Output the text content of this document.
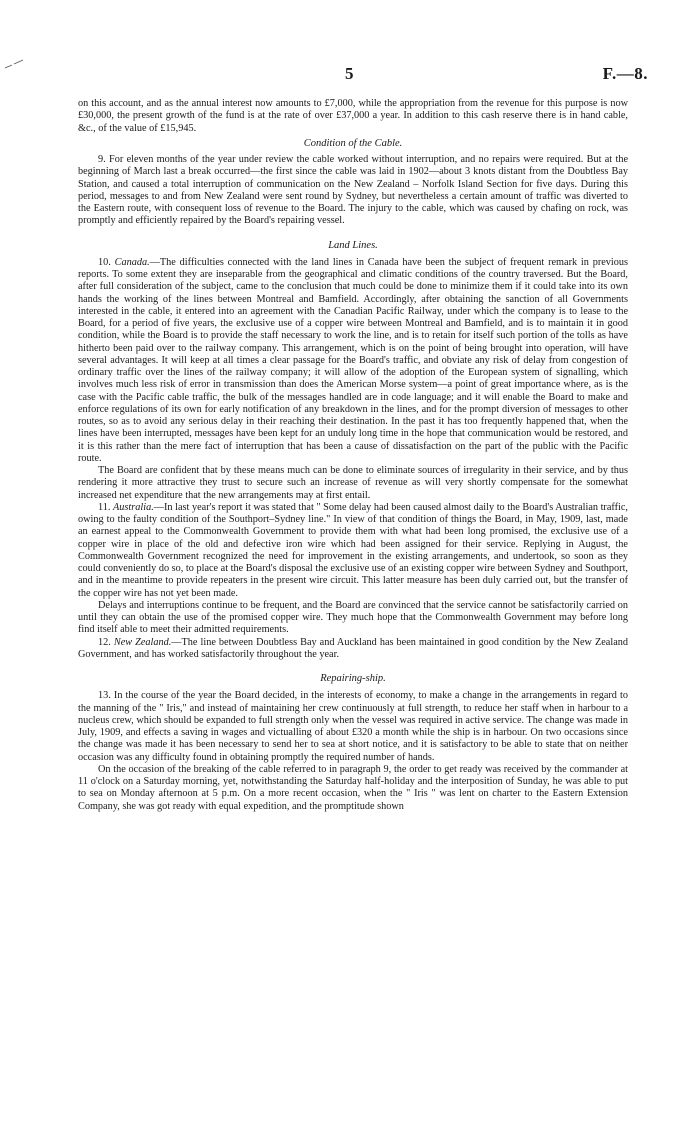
5	F.—8.

on this account, and as the annual interest now amounts to £7,000, while the appropriation from the revenue for this purpose is now £30,000, the present growth of the fund is at the rate of over £37,000 a year. In addition to this cash reserve there is in hand cable, &c., of the value of £15,945.

Condition of the Cable.

9. For eleven months of the year under review the cable worked without interruption, and no repairs were required. But at the beginning of March last a break occurred—the first since the cable was laid in 1902—about 3 knots distant from the Doubtless Bay Station, and caused a total interruption of communication on the New Zealand – Norfolk Island Section for five days. During this period, messages to and from New Zealand were sent round by Sydney, but nevertheless a certain amount of traffic was diverted to the Eastern route, with consequent loss of revenue to the Board. The injury to the cable, which was caused by chafing on rock, was promptly and efficiently repaired by the Board's repairing vessel.

Land Lines.

10. Canada.—The difficulties connected with the land lines in Canada have been the subject of frequent remark in previous reports. To some extent they are inseparable from the geographical and climatic conditions of the country traversed. But the Board, after full consideration of the subject, came to the conclusion that much could be done to minimize them if it could take into its own hands the working of the lines between Montreal and Bamfield. Accordingly, after obtaining the sanction of all Governments interested in the cable, it entered into an agreement with the Canadian Pacific Railway, under which the company is to lease to the Board, for a period of five years, the exclusive use of a copper wire between Montreal and Bamfield, and is to maintain it in good condition, while the Board is to provide the staff necessary to work the line, and is to retain for itself such portion of the tolls as have hitherto been paid over to the railway company. This arrangement, which is on the point of being brought into operation, will have several advantages. It will keep at all times a clear passage for the Board's traffic, and obviate any risk of delay from congestion of ordinary traffic over the lines of the railway company; it will allow of the adoption of the European system of signalling, which involves much less risk of error in transmission than does the American Morse system—a point of great importance where, as is the case with the Pacific cable traffic, the bulk of the messages handled are in code language; and it will enable the Board to make and enforce regulations of its own for early notification of any breakdown in the lines, and for the prompt diversion of messages to other routes, so as to avoid any serious delay in their reaching their destination. In the past it has too frequently happened that, when the lines have been interrupted, messages have been kept for an unduly long time in the hope that communication would be restored, and it is this rather than the mere fact of interruption that has been a cause of dissatisfaction on the part of the public with the Pacific route.

The Board are confident that by these means much can be done to eliminate sources of irregularity in their service, and by thus rendering it more attractive they trust to secure such an increase of revenue as will very shortly compensate for the somewhat increased net expenditure that the new arrangements may at first entail.

11. Australia.—In last year's report it was stated that " Some delay had been caused almost daily to the Board's Australian traffic, owing to the faulty condition of the Southport–Sydney line." In view of that condition of things the Board, in May, 1909, last, made an earnest appeal to the Commonwealth Government to provide them with what had been long promised, the exclusive use of a copper wire in place of the old and defective iron wire which had been assigned for their service. Replying in August, the Commonwealth Government recognized the need for improvement in the existing arrangements, and undertook, so soon as they could conveniently do so, to place at the Board's disposal the exclusive use of an existing copper wire between Sydney and Southport, and in the meantime to provide repeaters in the present wire circuit. This latter measure has been duly carried out, but the transfer of the copper wire has not yet been made.

Delays and interruptions continue to be frequent, and the Board are convinced that the service cannot be satisfactorily carried on until they can obtain the use of the promised copper wire. They much hope that the Commonwealth Government may before long find itself able to meet their admitted requirements.

12. New Zealand.—The line between Doubtless Bay and Auckland has been maintained in good condition by the New Zealand Government, and has worked satisfactorily throughout the year.

Repairing-ship.

13. In the course of the year the Board decided, in the interests of economy, to make a change in the arrangements in regard to the manning of the " Iris," and instead of maintaining her crew continuously at full strength, to reduce her staff when in harbour to a nucleus crew, which should be expanded to full strength only when the vessel was required in active service. The change was made in July, 1909, and effects a saving in wages and victualling of about £320 a month while the ship is in harbour. On two occasions since the change was made it has been necessary to send her to sea at short notice, and it is satisfactory to be able to state that on neither occasion was any difficulty found in obtaining promptly the required number of hands.

On the occasion of the breaking of the cable referred to in paragraph 9, the order to get ready was received by the commander at 11 o'clock on a Saturday morning, yet, notwithstanding the Saturday half-holiday and the interposition of Sunday, he was able to put to sea on Monday afternoon at 5 p.m. On a more recent occasion, when the " Iris " was lent on charter to the Eastern Extension Company, she was got ready with equal expedition, and the promptitude shown
